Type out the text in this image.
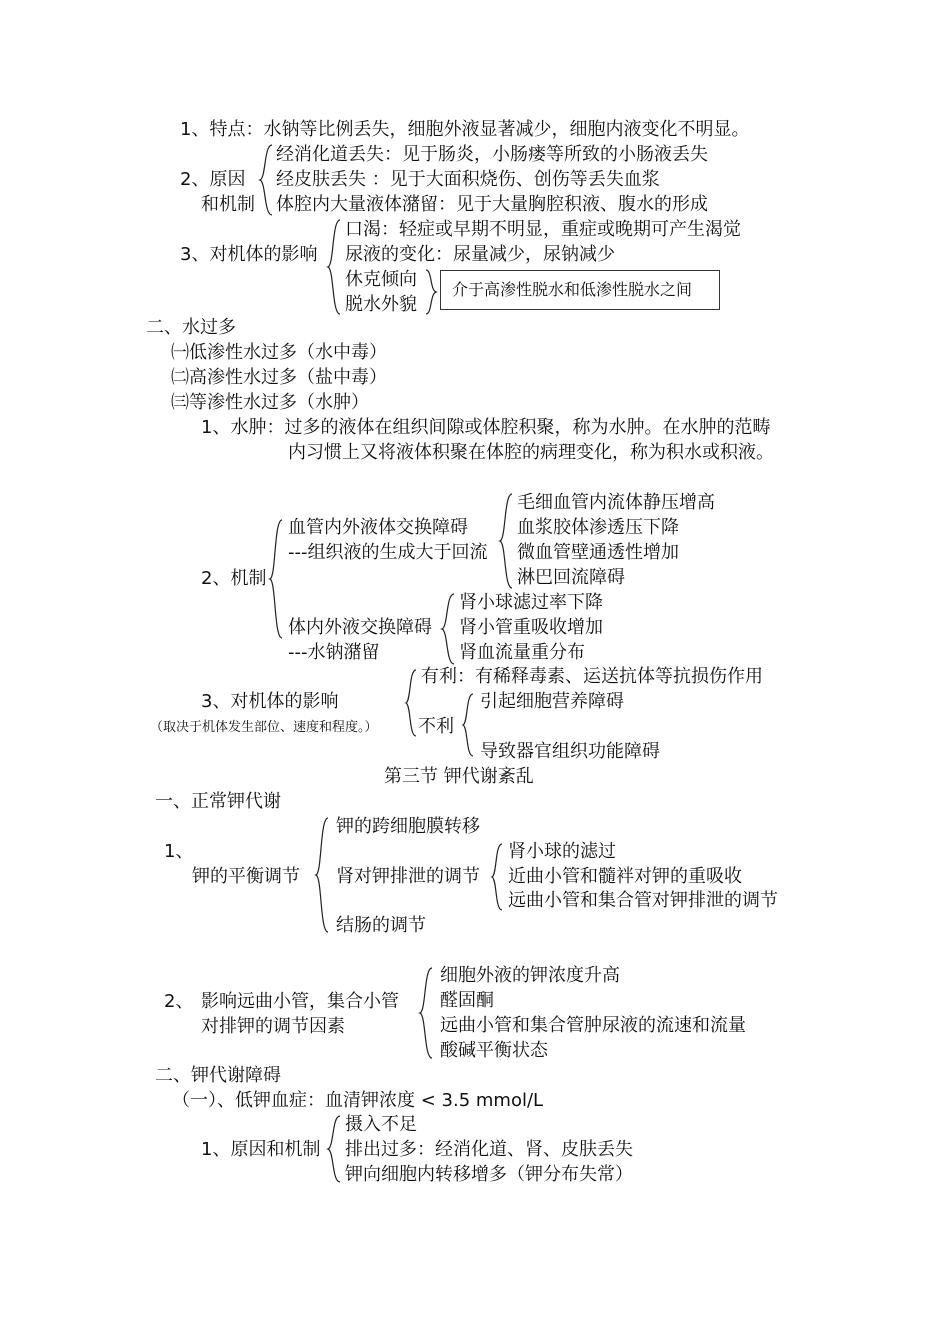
1、特点：水钠等比例丢失，细胞外液显著减少，细胞内液变化不明显。
2、原因
和机制
经消化道丢失：见于肠炎，小肠瘘等所致的小肠液丢失
经皮肤丢失 ：见于大面积烧伤、创伤等丢失血浆
体腔内大量液体潴留：见于大量胸腔积液、腹水的形成
3、对机体的影响
口渴：轻症或早期不明显，重症或晚期可产生渴觉
尿液的变化：尿量减少，尿钠减少
休克倾向
脱水外貌
介于高渗性脱水和低渗性脱水之间
二、水过多
㈠低渗性水过多（水中毒）
㈡高渗性水过多（盐中毒）
㈢等渗性水过多（水肿）
1、水肿：过多的液体在组织间隙或体腔积聚，称为水肿。在水肿的范畴
内习惯上又将液体积聚在体腔的病理变化，称为积水或积液。
2、机制
血管内外液体交换障碍
---组织液的生成大于回流
毛细血管内流体静压增高
血浆胶体渗透压下降
微血管壁通透性增加
淋巴回流障碍
体内外液交换障碍
---水钠潴留
肾小球滤过率下降
肾小管重吸收增加
肾血流量重分布
3、对机体的影响
（取决于机体发生部位、速度和程度。）
有利：有稀释毒素、运送抗体等抗损伤作用
不利
引起细胞营养障碍
导致器官组织功能障碍
第三节 钾代谢紊乱
一、正常钾代谢
1、
钾的平衡调节
钾的跨细胞膜转移
肾对钾排泄的调节
结肠的调节
肾小球的滤过
近曲小管和髓袢对钾的重吸收
远曲小管和集合管对钾排泄的调节
2、 影响远曲小管，集合小管
对排钾的调节因素
细胞外液的钾浓度升高
醛固酮
远曲小管和集合管肿尿液的流速和流量
酸碱平衡状态
二、钾代谢障碍
（一）、低钾血症：血清钾浓度 < 3.5 mmol/L
1、原因和机制
摄入不足
排出过多：经消化道、肾、皮肤丢失
钾向细胞内转移增多（钾分布失常）
